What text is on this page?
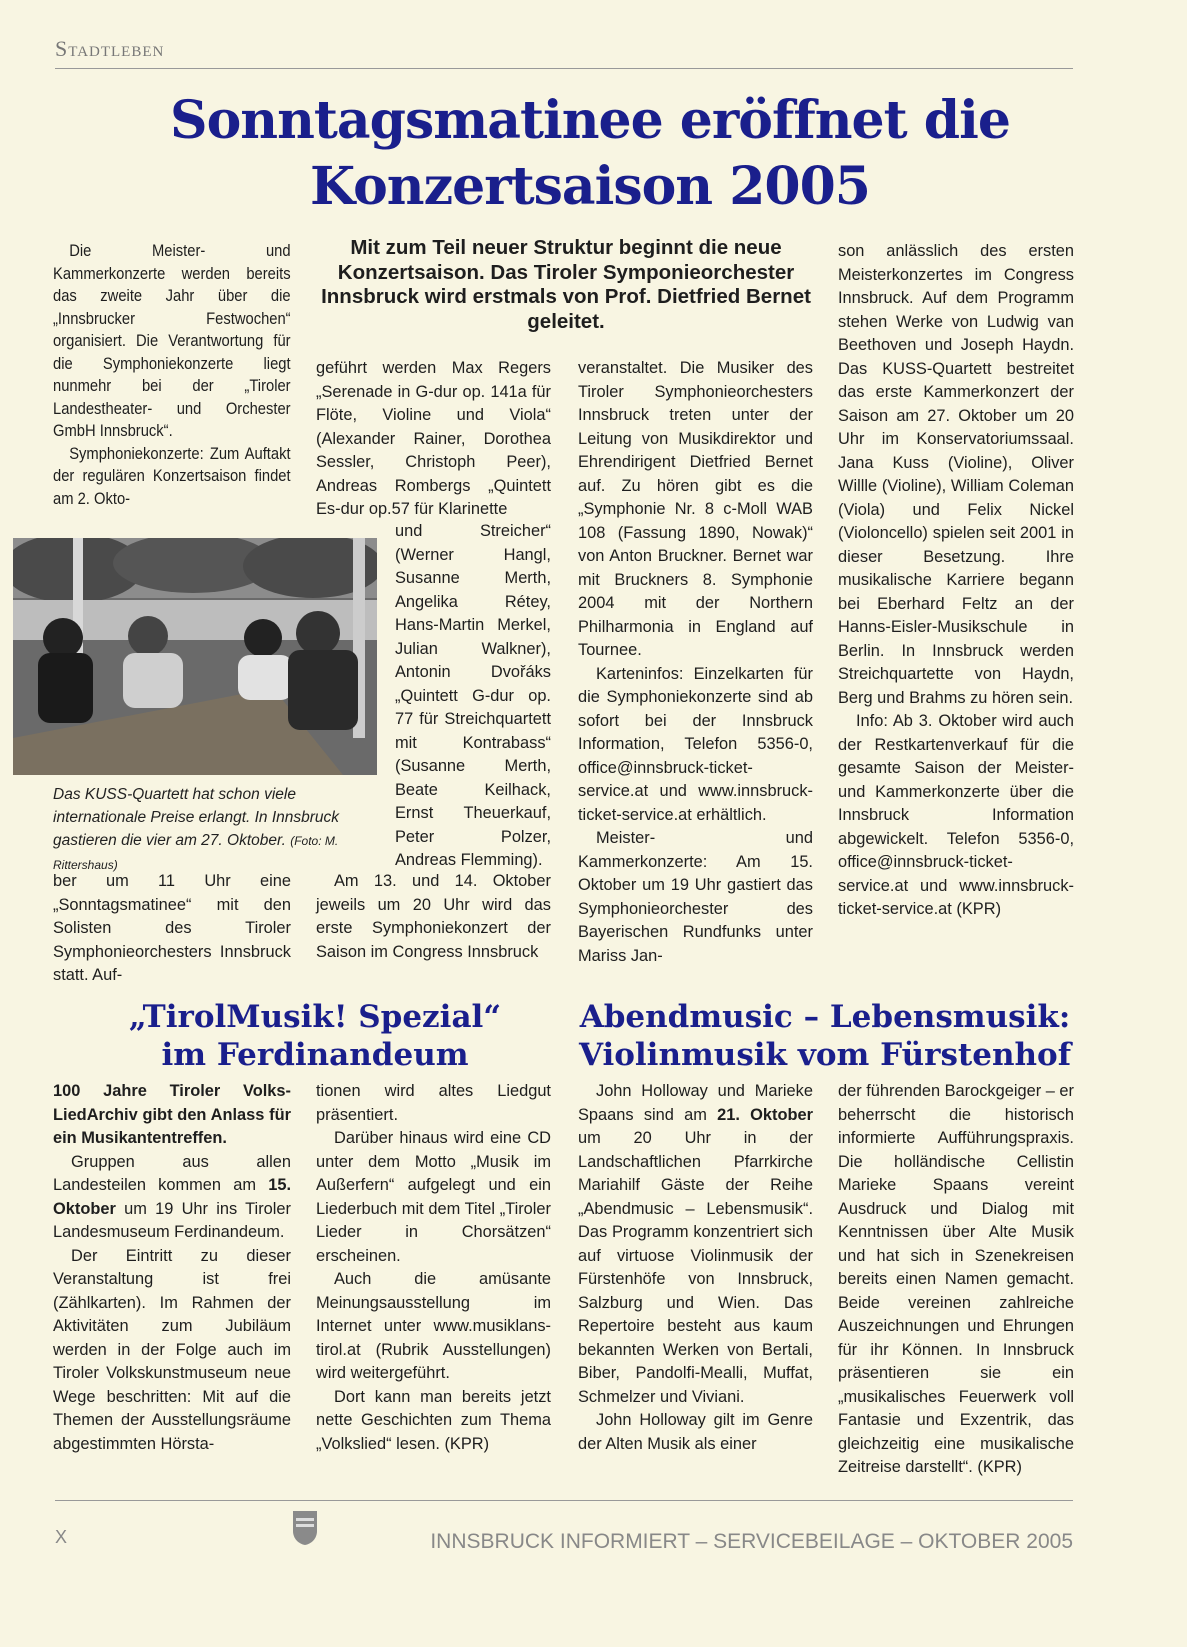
Stadtleben
Sonntagsmatinee eröffnet die
Konzertsaison 2005
Mit zum Teil neuer Struktur beginnt die neue Konzertsaison. Das Tiroler Symponieorchester Innsbruck wird erstmals von Prof. Dietfried Bernet geleitet.

Die Meister- und Kammerkonzerte werden bereits das zweite Jahr über die „Innsbrucker Festwochen“ organisiert. Die Verantwortung für die Symphoniekonzerte liegt nunmehr bei der „Tiroler Landestheater- und Orchester GmbH Innsbruck“.

Symphoniekonzerte: Zum Auftakt der regulären Konzertsaison findet am 2. Okto-

Das KUSS-Quartett hat schon viele internationale Preise erlangt. In Innsbruck gastieren die vier am 27. Oktober. (Foto: M. Rittershaus)

ber um 11 Uhr eine „Sonntagsmatinee“ mit den Solisten des Tiroler Symphonieorchesters Innsbruck statt. Auf-

geführt werden Max Regers „Serenade in G-dur op. 141a für Flöte, Violine und Viola“ (Alexander Rainer, Dorothea Sessler, Christoph Peer), Andreas Rombergs „Quintett Es-dur op.57 für Klarinette

und Streicher“ (Werner Hangl, Susanne Merth, Angelika Rétey, Hans-Martin Merkel, Julian Walkner), Antonin Dvořáks „Quintett G-dur op. 77 für Streichquartett mit Kontrabass“ (Susanne Merth, Beate Keilhack, Ernst Theuerkauf, Peter Polzer, Andreas Flemming).

Am 13. und 14. Oktober jeweils um 20 Uhr wird das erste Symphoniekonzert der Saison im Congress Innsbruck

veranstaltet. Die Musiker des Tiroler Symphonieorchesters Innsbruck treten unter der Leitung von Musikdirektor und Ehrendirigent Dietfried Bernet auf. Zu hören gibt es die „Symphonie Nr. 8 c-Moll WAB 108 (Fassung 1890, Nowak)“ von Anton Bruckner. Bernet war mit Bruckners 8. Symphonie 2004 mit der Northern Philharmonia in England auf Tournee.

Karteninfos: Einzelkarten für die Symphoniekonzerte sind ab sofort bei der Innsbruck Information, Telefon 5356-0, office@innsbruck-ticket-service.at und www.innsbruck-ticket-service.at erhältlich.

Meister- und Kammerkonzerte: Am 15. Oktober um 19 Uhr gastiert das Symphonieorchester des Bayerischen Rundfunks unter Mariss Jan-

son anlässlich des ersten Meisterkonzertes im Congress Innsbruck. Auf dem Programm stehen Werke von Ludwig van Beethoven und Joseph Haydn. Das KUSS-Quartett bestreitet das erste Kammerkonzert der Saison am 27. Oktober um 20 Uhr im Konservatoriumssaal. Jana Kuss (Violine), Oliver Willle (Violine), William Coleman (Viola) und Felix Nickel (Violoncello) spielen seit 2001 in dieser Besetzung. Ihre musikalische Karriere begann bei Eberhard Feltz an der Hanns-Eisler-Musikschule in Berlin. In Innsbruck werden Streichquartette von Haydn, Berg und Brahms zu hören sein.

Info: Ab 3. Oktober wird auch der Restkartenverkauf für die gesamte Saison der Meister- und Kammerkonzerte über die Innsbruck Information abgewickelt. Telefon 5356-0, office@innsbruck-ticket-service.at und www.innsbruck-ticket-service.at (KPR)

„TirolMusik! Spezial“
im Ferdinandeum

100 Jahre Tiroler Volks-LiedArchiv gibt den Anlass für ein Musikantentreffen.

Gruppen aus allen Landesteilen kommen am 15. Oktober um 19 Uhr ins Tiroler Landesmuseum Ferdinandeum.

Der Eintritt zu dieser Veranstaltung ist frei (Zählkarten). Im Rahmen der Aktivitäten zum Jubiläum werden in der Folge auch im Tiroler Volkskunstmuseum neue Wege beschritten: Mit auf die Themen der Ausstellungsräume abgestimmten Hörsta-

tionen wird altes Liedgut präsentiert.

Darüber hinaus wird eine CD unter dem Motto „Musik im Außerfern“ aufgelegt und ein Liederbuch mit dem Titel „Tiroler Lieder in Chorsätzen“ erscheinen.

Auch die amüsante Meinungsausstellung im Internet unter www.musiklans-tirol.at (Rubrik Ausstellungen) wird weitergeführt.

Dort kann man bereits jetzt nette Geschichten zum Thema „Volkslied“ lesen. (KPR)

Abendmusic – Lebensmusik:
Violinmusik vom Fürstenhof

John Holloway und Marieke Spaans sind am 21. Oktober um 20 Uhr in der Landschaftlichen Pfarrkirche Mariahilf Gäste der Reihe „Abendmusic – Lebensmusik“. Das Programm konzentriert sich auf virtuose Violinmusik der Fürstenhöfe von Innsbruck, Salzburg und Wien. Das Repertoire besteht aus kaum bekannten Werken von Bertali, Biber, Pandolfi-Mealli, Muffat, Schmelzer und Viviani.

John Holloway gilt im Genre der Alten Musik als einer

der führenden Barockgeiger – er beherrscht die historisch informierte Aufführungspraxis. Die holländische Cellistin Marieke Spaans vereint Ausdruck und Dialog mit Kenntnissen über Alte Musik und hat sich in Szenekreisen bereits einen Namen gemacht. Beide vereinen zahlreiche Auszeichnungen und Ehrungen für ihr Können. In Innsbruck präsentieren sie ein „musikalisches Feuerwerk voll Fantasie und Exzentrik, das gleichzeitig eine musikalische Zeitreise darstellt“. (KPR)

X	INNSBRUCK INFORMIERT – SERVICEBEILAGE – OKTOBER 2005
